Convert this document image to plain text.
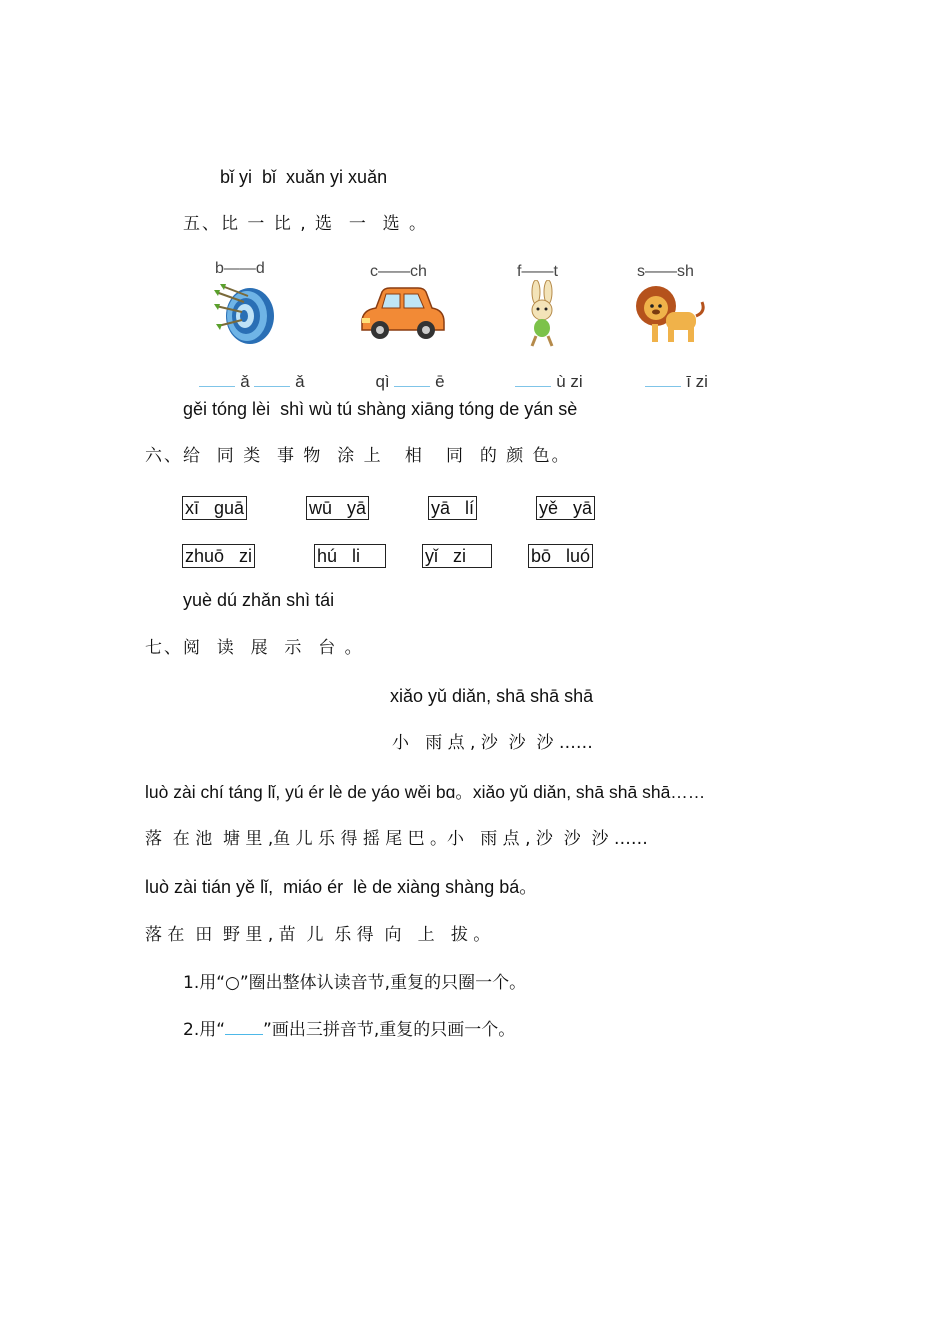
bǐ yi  bǐ  xuǎn yi xuǎn
五、比 一 比 , 选  一  选 。
b——d	c——ch	f——t	s——sh

ǎ	ǎ	qì	ē	ù zi	ī zi

gěi tóng lèi  shì wù tú shàng xiāng tóng de yán sè
六、给  同 类  事 物  涂 上   相   同  的 颜 色。
xī   guā	wū   yā	yā   lí	yě   yā
zhuō   zi	hú   li	yǐ   zi	bō   luó
yuè dú zhǎn shì tái
七、阅  读  展  示  台 。
xiǎo yǔ diǎn, shā shā shā
小   雨 点 , 沙  沙  沙 ……
luò zài chí táng lǐ, yú ér lè de yáo wěi bɑ。xiǎo yǔ diǎn, shā shā shā……
落  在 池  塘 里 ,鱼 儿 乐 得 摇 尾 巴 。小   雨 点 , 沙  沙  沙 ……
luò zài tián yě lǐ,  miáo ér  lè de xiàng shàng bá。
落 在  田  野 里 , 苗  儿  乐 得  向   上   拔 。
1.用“○”圈出整体认读音节,重复的只圈一个。
2.用“ ”画出三拼音节,重复的只画一个。
